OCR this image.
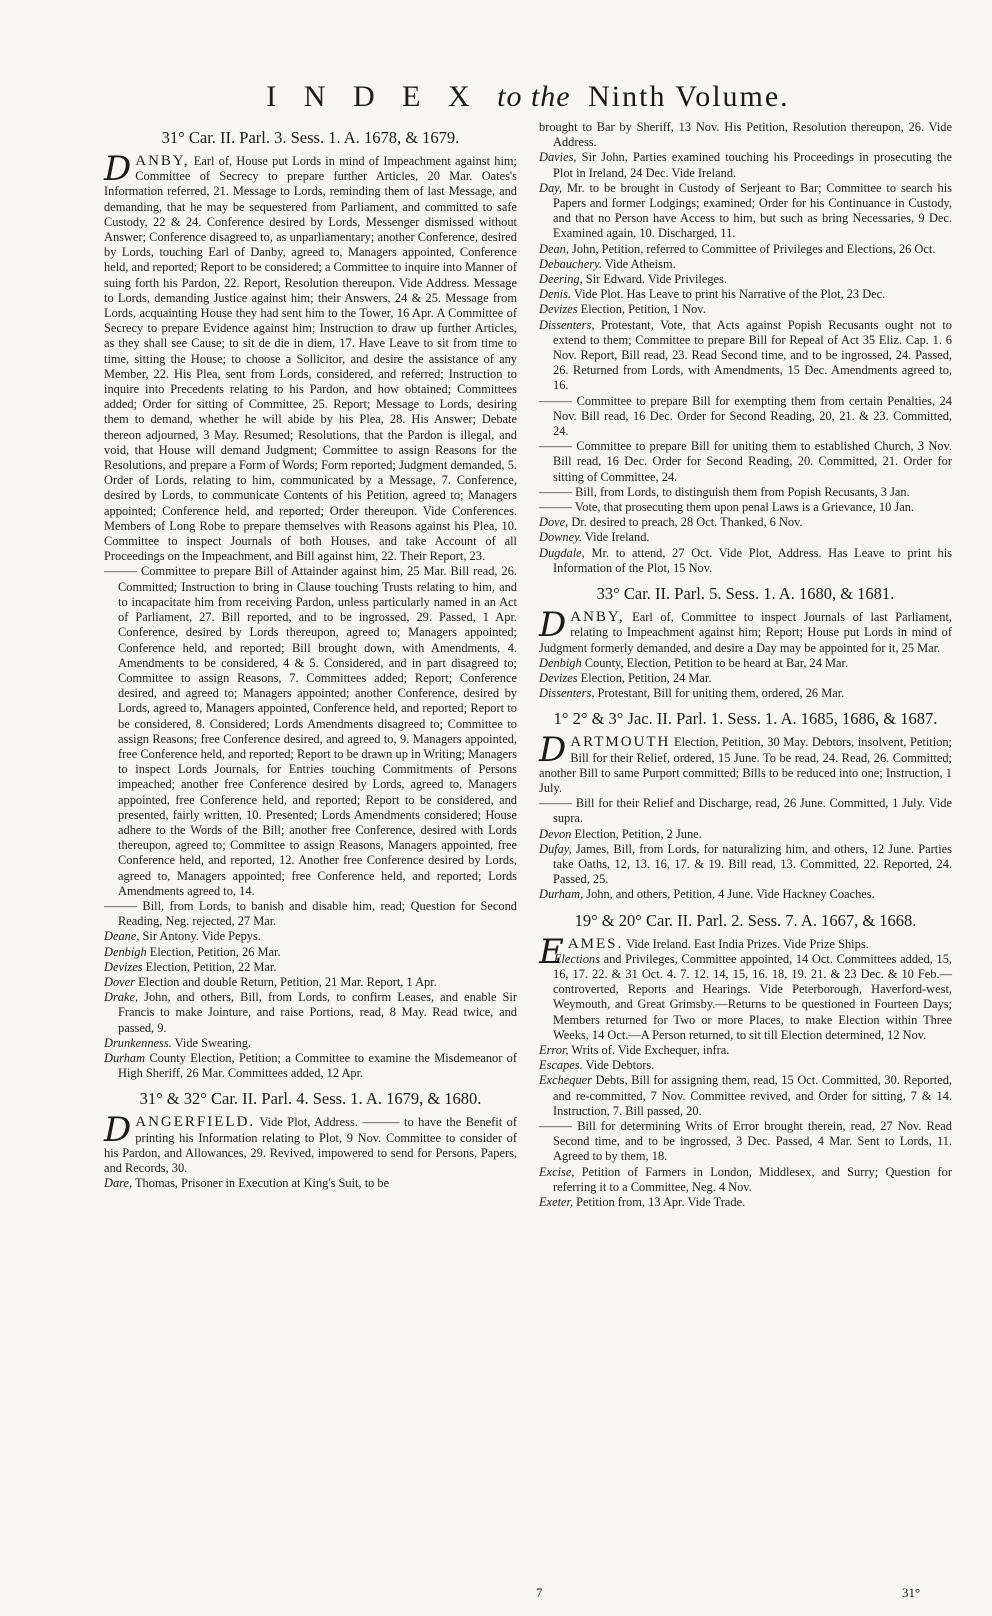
I N D E X to the Ninth Volume.
31° Car. II. Parl. 3. Sess. 1. A. 1678, & 1679.

DANBY, Earl of, House put Lords in mind of Impeachment against him; Committee of Secrecy to prepare further Articles, 20 Mar. Oates's Information referred, 21. Message to Lords, reminding them of last Message, and demanding, that he may be sequestered from Parliament, and committed to safe Custody, 22 & 24. Conference desired by Lords, Messenger dismissed without Answer; Conference disagreed to, as unparliamentary; another Conference, desired by Lords, touching Earl of Danby, agreed to, Managers appointed, Conference held, and reported; Report to be considered; a Committee to inquire into Manner of suing forth his Pardon, 22. Report, Resolution thereupon. Vide Address. Message to Lords, demanding Justice against him; their Answers, 24 & 25. Message from Lords, acquainting House they had sent him to the Tower, 16 Apr. A Committee of Secrecy to prepare Evidence against him; Instruction to draw up further Articles, as they shall see Cause; to sit de die in diem, 17. Have Leave to sit from time to time, sitting the House; to choose a Sollicitor, and desire the assistance of any Member, 22. His Plea, sent from Lords, considered, and referred; Instruction to inquire into Precedents relating to his Pardon, and how obtained; Committees added; Order for sitting of Committee, 25. Report; Message to Lords, desiring them to demand, whether he will abide by his Plea, 28. His Answer; Debate thereon adjourned, 3 May. Resumed; Resolutions, that the Pardon is illegal, and void, that House will demand Judgment; Committee to assign Reasons for the Resolutions, and prepare a Form of Words; Form reported; Judgment demanded, 5. Order of Lords, relating to him, communicated by a Message, 7. Conference, desired by Lords, to communicate Contents of his Petition, agreed to; Managers appointed; Conference held, and reported; Order thereupon. Vide Conferences. Members of Long Robe to prepare themselves with Reasons against his Plea, 10. Committee to inspect Journals of both Houses, and take Account of all Proceedings on the Impeachment, and Bill against him, 22. Their Report, 23.

——— Committee to prepare Bill of Attainder against him, 25 Mar. Bill read, 26. Committed; Instruction to bring in Clause touching Trusts relating to him, and to incapacitate him from receiving Pardon, unless particularly named in an Act of Parliament, 27. Bill reported, and to be ingrossed, 29. Passed, 1 Apr. Conference, desired by Lords thereupon, agreed to; Managers appointed; Conference held, and reported; Bill brought down, with Amendments, 4. Amendments to be considered, 4 & 5. Considered, and in part disagreed to; Committee to assign Reasons, 7. Committees added; Report; Conference desired, and agreed to; Managers appointed; another Conference, desired by Lords, agreed to, Managers appointed, Conference held, and reported; Report to be considered, 8. Considered; Lords Amendments disagreed to; Committee to assign Reasons; free Conference desired, and agreed to, 9. Managers appointed, free Conference held, and reported; Report to be drawn up in Writing; Managers to inspect Lords Journals, for Entries touching Commitments of Persons impeached; another free Conference desired by Lords, agreed to, Managers appointed, free Conference held, and reported; Report to be considered, and presented, fairly written, 10. Presented; Lords Amendments considered; House adhere to the Words of the Bill; another free Conference, desired with Lords thereupon, agreed to; Committee to assign Reasons, Managers appointed, free Conference held, and reported, 12. Another free Conference desired by Lords, agreed to, Managers appointed; free Conference held, and reported; Lords Amendments agreed to, 14.

——— Bill, from Lords, to banish and disable him, read; Question for Second Reading, Neg. rejected, 27 Mar.

Deane, Sir Antony. Vide Pepys.

Denbigh Election, Petition, 26 Mar.

Devizes Election, Petition, 22 Mar.

Dover Election and double Return, Petition, 21 Mar. Report, 1 Apr.

Drake, John, and others, Bill, from Lords, to confirm Leases, and enable Sir Francis to make Jointure, and raise Portions, read, 8 May. Read twice, and passed, 9.

Drunkenness. Vide Swearing.

Durham County Election, Petition; a Committee to examine the Misdemeanor of High Sheriff, 26 Mar. Committees added, 12 Apr.

31° & 32° Car. II. Parl. 4. Sess. 1. A. 1679, & 1680.

DANGERFIELD. Vide Plot, Address. ——— to have the Benefit of printing his Information relating to Plot, 9 Nov. Committee to consider of his Pardon, and Allowances, 29. Revived, impowered to send for Persons, Papers, and Records, 30.

Dare, Thomas, Prisoner in Execution at King's Suit, to be

brought to Bar by Sheriff, 13 Nov. His Petition, Resolution thereupon, 26. Vide Address.

Davies, Sir John, Parties examined touching his Proceedings in prosecuting the Plot in Ireland, 24 Dec. Vide Ireland.

Day, Mr. to be brought in Custody of Serjeant to Bar; Committee to search his Papers and former Lodgings; examined; Order for his Continuance in Custody, and that no Person have Access to him, but such as bring Necessaries, 9 Dec. Examined again, 10. Discharged, 11.

Dean, John, Petition, referred to Committee of Privileges and Elections, 26 Oct.

Debauchery. Vide Atheism.

Deering, Sir Edward. Vide Privileges.

Denis. Vide Plot. Has Leave to print his Narrative of the Plot, 23 Dec.

Devizes Election, Petition, 1 Nov.

Dissenters, Protestant, Vote, that Acts against Popish Recusants ought not to extend to them; Committee to prepare Bill for Repeal of Act 35 Eliz. Cap. 1. 6 Nov. Report, Bill read, 23. Read Second time, and to be ingrossed, 24. Passed, 26. Returned from Lords, with Amendments, 15 Dec. Amendments agreed to, 16.

——— Committee to prepare Bill for exempting them from certain Penalties, 24 Nov. Bill read, 16 Dec. Order for Second Reading, 20, 21. & 23. Committed, 24.

——— Committee to prepare Bill for uniting them to established Church, 3 Nov. Bill read, 16 Dec. Order for Second Reading, 20. Committed, 21. Order for sitting of Committee, 24.

——— Bill, from Lords, to distinguish them from Popish Recusants, 3 Jan.

——— Vote, that prosecuting them upon penal Laws is a Grievance, 10 Jan.

Dove, Dr. desired to preach, 28 Oct. Thanked, 6 Nov.

Downey. Vide Ireland.

Dugdale, Mr. to attend, 27 Oct. Vide Plot, Address. Has Leave to print his Information of the Plot, 15 Nov.

33° Car. II. Parl. 5. Sess. 1. A. 1680, & 1681.

DANBY, Earl of, Committee to inspect Journals of last Parliament, relating to Impeachment against him; Report; House put Lords in mind of Judgment formerly demanded, and desire a Day may be appointed for it, 25 Mar.

Denbigh County, Election, Petition to be heard at Bar, 24 Mar.

Devizes Election, Petition, 24 Mar.

Dissenters, Protestant, Bill for uniting them, ordered, 26 Mar.

1° 2° & 3° Jac. II. Parl. 1. Sess. 1. A. 1685, 1686, & 1687.

DARTMOUTH Election, Petition, 30 May. Debtors, insolvent, Petition; Bill for their Relief, ordered, 15 June. To be read, 24. Read, 26. Committed; another Bill to same Purport committed; Bills to be reduced into one; Instruction, 1 July.

——— Bill for their Relief and Discharge, read, 26 June. Committed, 1 July. Vide supra.

Devon Election, Petition, 2 June.

Dufay, James, Bill, from Lords, for naturalizing him, and others, 12 June. Parties take Oaths, 12, 13. 16, 17. & 19. Bill read, 13. Committed, 22. Reported, 24. Passed, 25.

Durham, John, and others, Petition, 4 June. Vide Hackney Coaches.

19° & 20° Car. II. Parl. 2. Sess. 7. A. 1667, & 1668.

EAMES. Vide Ireland. East India Prizes. Vide Prize Ships.

Elections and Privileges, Committee appointed, 14 Oct. Committees added, 15, 16, 17. 22. & 31 Oct. 4. 7. 12. 14, 15, 16. 18, 19. 21. & 23 Dec. & 10 Feb.— controverted, Reports and Hearings. Vide Peterborough, Haverford-west, Weymouth, and Great Grimsby.—Returns to be questioned in Fourteen Days; Members returned for Two or more Places, to make Election within Three Weeks, 14 Oct.—A Person returned, to sit till Election determined, 12 Nov.

Error, Writs of. Vide Exchequer, infra.

Escapes. Vide Debtors.

Exchequer Debts, Bill for assigning them, read, 15 Oct. Committed, 30. Reported, and re-committed, 7 Nov. Committee revived, and Order for sitting, 7 & 14. Instruction, 7. Bill passed, 20.

——— Bill for determining Writs of Error brought therein, read, 27 Nov. Read Second time, and to be ingrossed, 3 Dec. Passed, 4 Mar. Sent to Lords, 11. Agreed to by them, 18.

Excise, Petition of Farmers in London, Middlesex, and Surry; Question for referring it to a Committee, Neg. 4 Nov.

Exeter, Petition from, 13 Apr. Vide Trade.

7	31°
